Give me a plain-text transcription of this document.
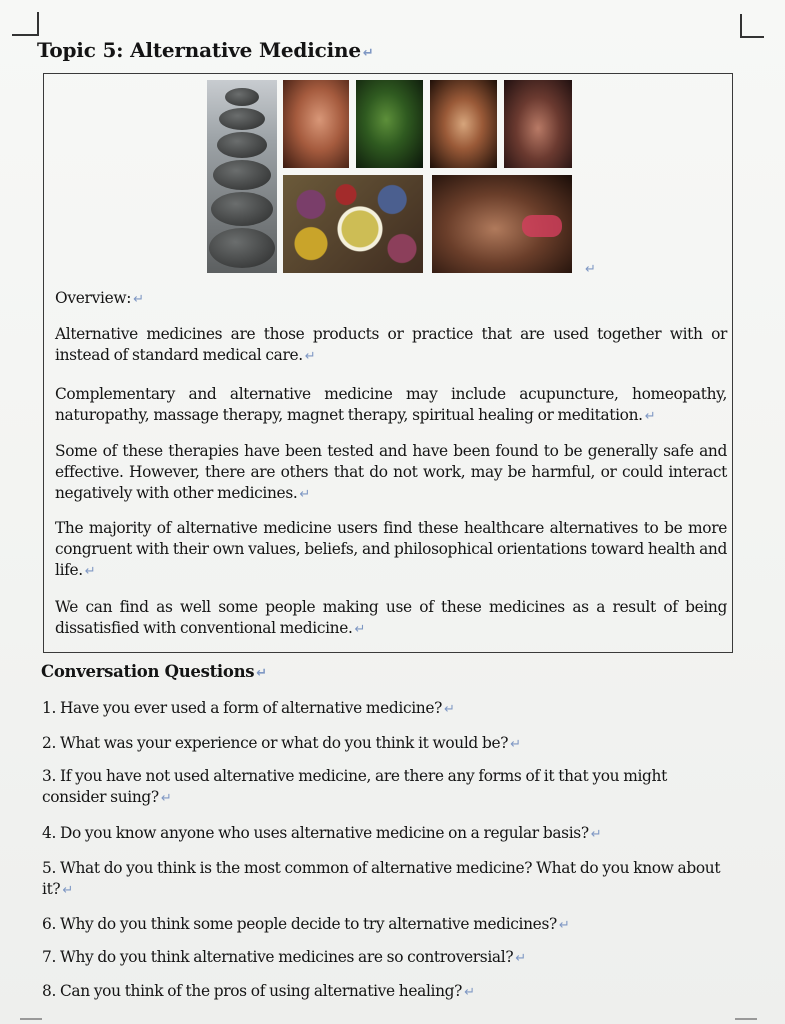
Topic 5: Alternative Medicine ↵
↵
Overview: ↵
Alternative medicines are those products or practice that are used together with or instead of standard medical care. ↵
Complementary and alternative medicine may include acupuncture, homeopathy, naturopathy, massage therapy, magnet therapy, spiritual healing or meditation. ↵
Some of these therapies have been tested and have been found to be generally safe and effective. However, there are others that do not work, may be harmful, or could interact negatively with other medicines. ↵
The majority of alternative medicine users find these healthcare alternatives to be more congruent with their own values, beliefs, and philosophical orientations toward health and life. ↵
We can find as well some people making use of these medicines as a result of being dissatisfied with conventional medicine. ↵
Conversation Questions ↵
1. Have you ever used a form of alternative medicine? ↵
2. What was your experience or what do you think it would be? ↵
3. If you have not used alternative medicine, are there any forms of it that you might consider suing? ↵
4. Do you know anyone who uses alternative medicine on a regular basis? ↵
5. What do you think is the most common of alternative medicine? What do you know about it? ↵
6. Why do you think some people decide to try alternative medicines? ↵
7. Why do you think alternative medicines are so controversial? ↵
8. Can you think of the pros of using alternative healing? ↵
